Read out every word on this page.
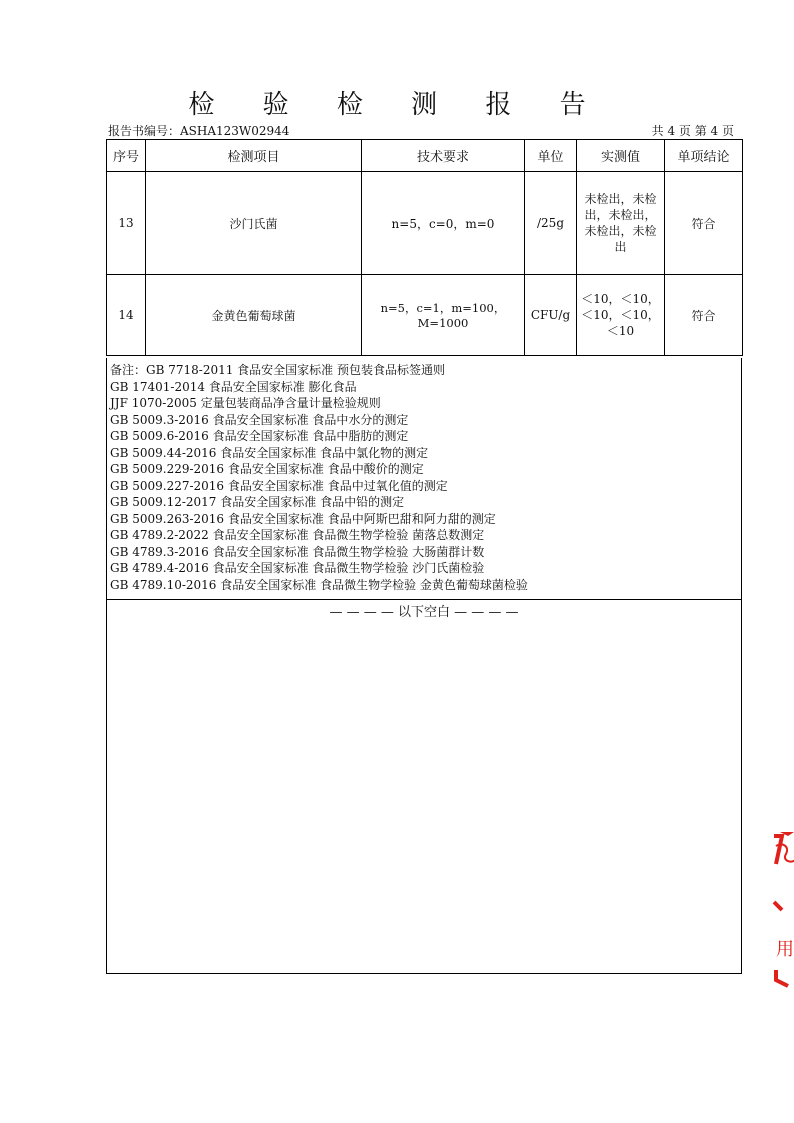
检 验 检 测 报 告
报告书编号：ASHA123W02944	共 4 页 第 4 页
序号	检测项目	技术要求	单位	实测值	单项结论
13	沙门氏菌	n=5，c=0，m=0	/25g	未检出，未检
出，未检出，
未检出，未检
出	符合
14	金黄色葡萄球菌	n=5，c=1，m=100，M=1000	CFU/g	＜10，＜10，
＜10，＜10，
＜10	符合
备注：GB 7718-2011 食品安全国家标准 预包装食品标签通则
GB 17401-2014 食品安全国家标准 膨化食品
JJF 1070-2005 定量包装商品净含量计量检验规则
GB 5009.3-2016 食品安全国家标准 食品中水分的测定
GB 5009.6-2016 食品安全国家标准 食品中脂肪的测定
GB 5009.44-2016 食品安全国家标准 食品中氯化物的测定
GB 5009.229-2016 食品安全国家标准 食品中酸价的测定
GB 5009.227-2016 食品安全国家标准 食品中过氧化值的测定
GB 5009.12-2017 食品安全国家标准 食品中铅的测定
GB 5009.263-2016 食品安全国家标准 食品中阿斯巴甜和阿力甜的测定
GB 4789.2-2022 食品安全国家标准 食品微生物学检验 菌落总数测定
GB 4789.3-2016 食品安全国家标准 食品微生物学检验 大肠菌群计数
GB 4789.4-2016 食品安全国家标准 食品微生物学检验 沙门氏菌检验
GB 4789.10-2016 食品安全国家标准 食品微生物学检验 金黄色葡萄球菌检验
— — — — 以下空白 — — — —
用
